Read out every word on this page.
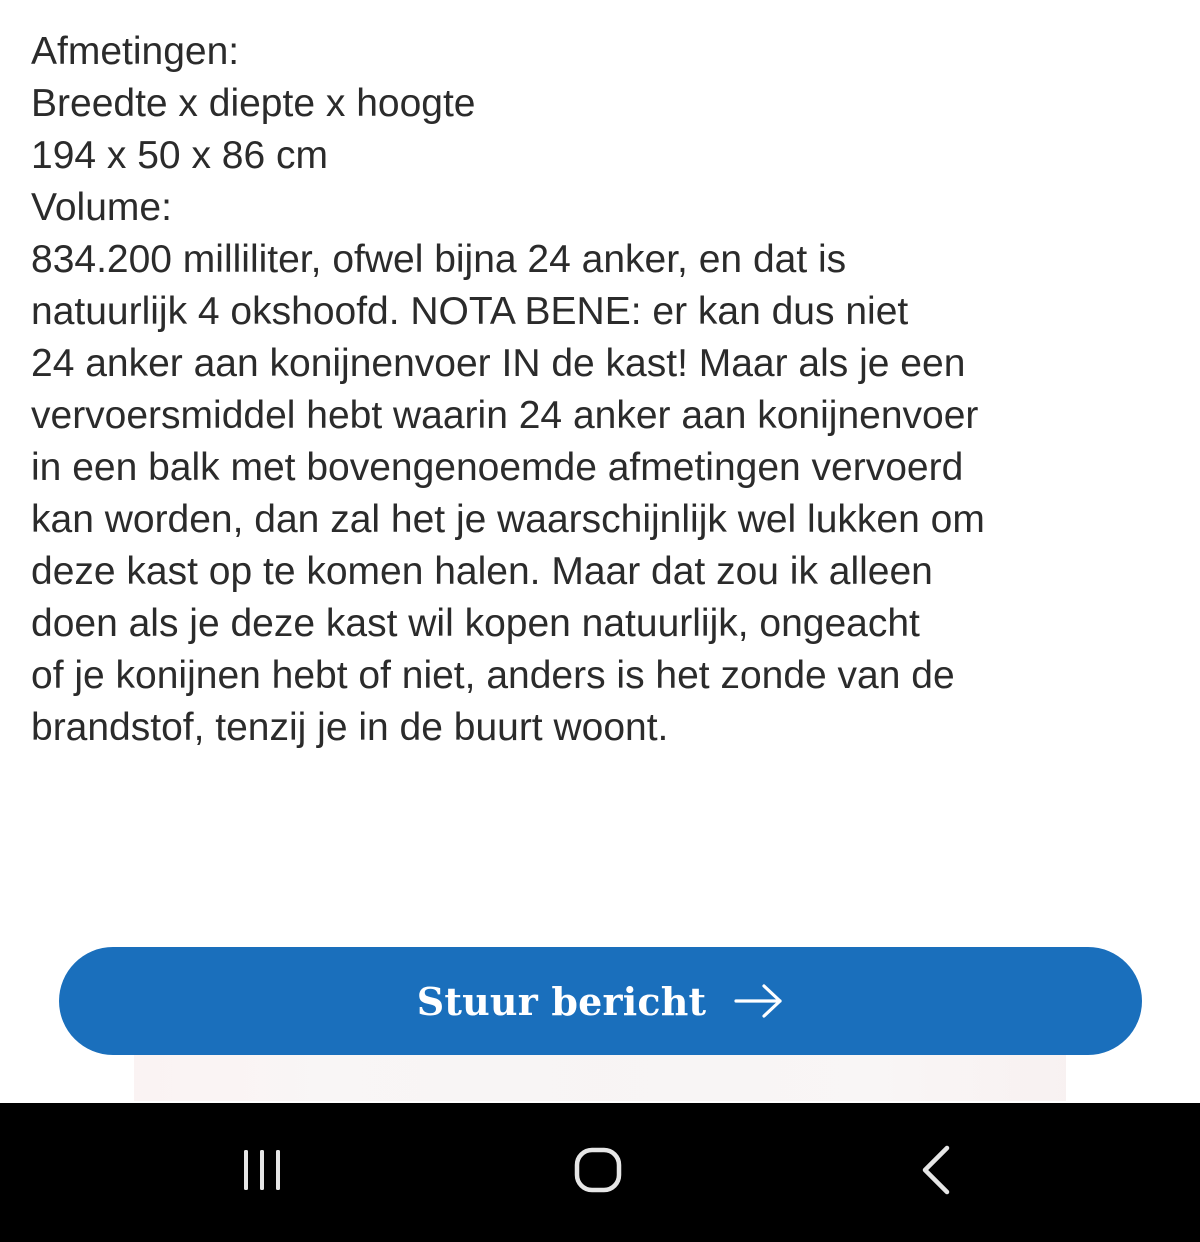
Afmetingen:
Breedte x diepte x hoogte
194 x 50 x 86 cm
Volume:
834.200 milliliter, ofwel bijna 24 anker, en dat is
natuurlijk 4 okshoofd. NOTA BENE: er kan dus niet
24 anker aan konijnenvoer IN de kast! Maar als je een
vervoersmiddel hebt waarin 24 anker aan konijnenvoer
in een balk met bovengenoemde afmetingen vervoerd
kan worden, dan zal het je waarschijnlijk wel lukken om
deze kast op te komen halen. Maar dat zou ik alleen
doen als je deze kast wil kopen natuurlijk, ongeacht
of je konijnen hebt of niet, anders is het zonde van de
brandstof, tenzij je in de buurt woont.
Stuur bericht
